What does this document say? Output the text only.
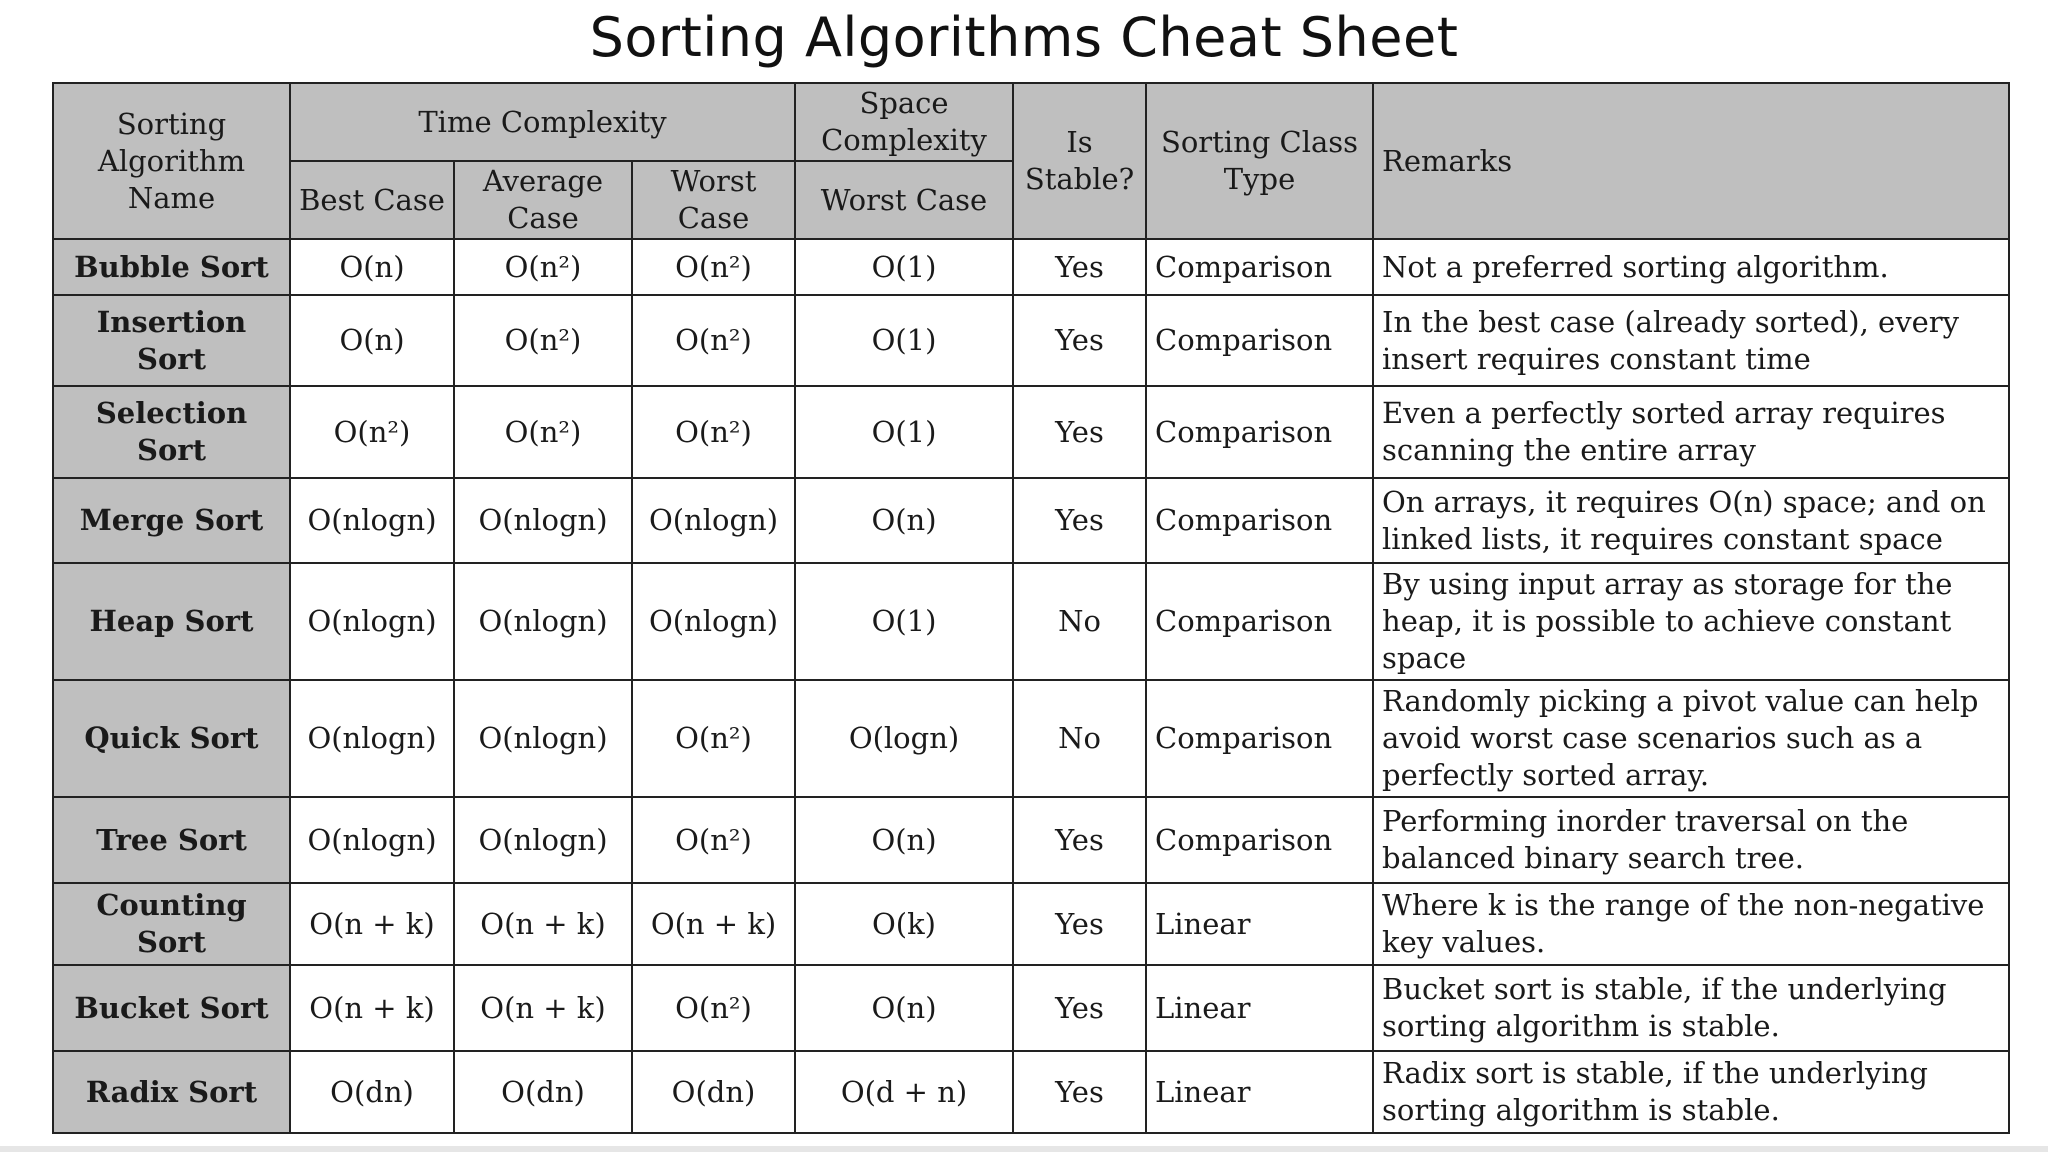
Sorting Algorithms Cheat Sheet
Sorting Algorithm Name	Time Complexity			Space Complexity	Is Stable?	Sorting Class Type	Remarks
	Best Case	Average Case	Worst Case	Worst Case			
Bubble Sort	O(n)	O(n²)	O(n²)	O(1)	Yes	Comparison	Not a preferred sorting algorithm.
Insertion Sort	O(n)	O(n²)	O(n²)	O(1)	Yes	Comparison	In the best case (already sorted), every insert requires constant time
Selection Sort	O(n²)	O(n²)	O(n²)	O(1)	Yes	Comparison	Even a perfectly sorted array requires scanning the entire array
Merge Sort	O(nlogn)	O(nlogn)	O(nlogn)	O(n)	Yes	Comparison	On arrays, it requires O(n) space; and on linked lists, it requires constant space
Heap Sort	O(nlogn)	O(nlogn)	O(nlogn)	O(1)	No	Comparison	By using input array as storage for the heap, it is possible to achieve constant space
Quick Sort	O(nlogn)	O(nlogn)	O(n²)	O(logn)	No	Comparison	Randomly picking a pivot value can help avoid worst case scenarios such as a perfectly sorted array.
Tree Sort	O(nlogn)	O(nlogn)	O(n²)	O(n)	Yes	Comparison	Performing inorder traversal on the balanced binary search tree.
Counting Sort	O(n + k)	O(n + k)	O(n + k)	O(k)	Yes	Linear	Where k is the range of the non-negative key values.
Bucket Sort	O(n + k)	O(n + k)	O(n²)	O(n)	Yes	Linear	Bucket sort is stable, if the underlying sorting algorithm is stable.
Radix Sort	O(dn)	O(dn)	O(dn)	O(d + n)	Yes	Linear	Radix sort is stable, if the underlying sorting algorithm is stable.
